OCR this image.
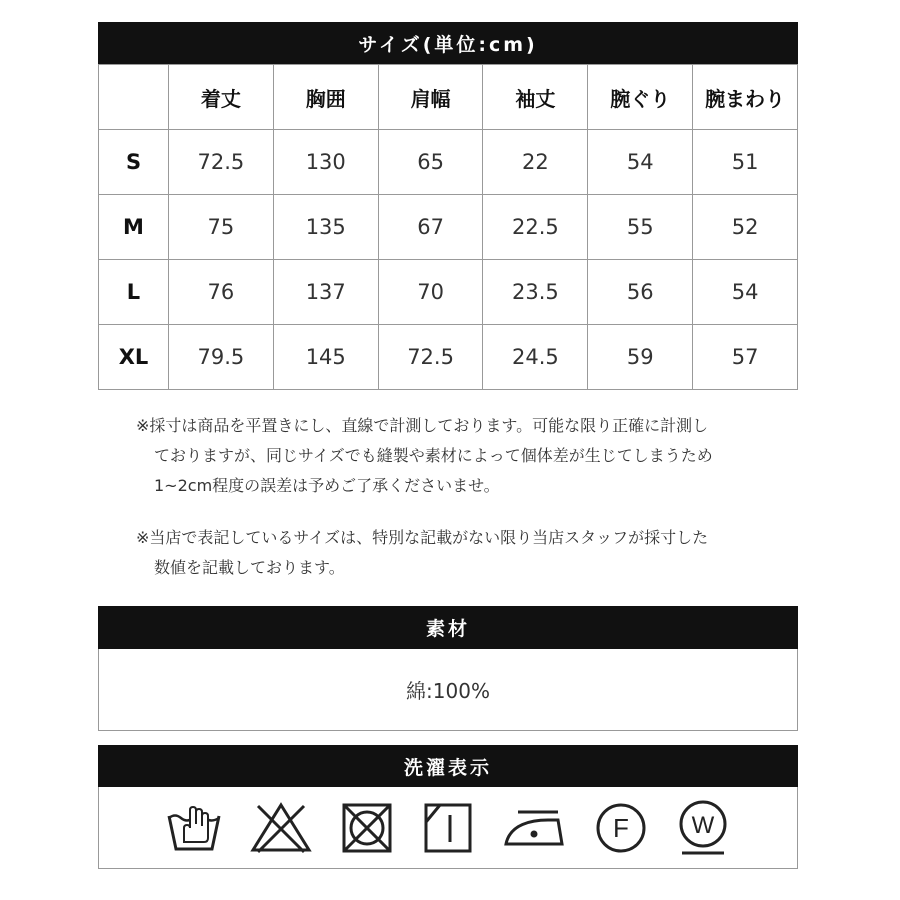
サイズ(単位:cm)
	着丈	胸囲	肩幅	袖丈	腕ぐり	腕まわり
S	72.5	130	65	22	54	51
M	75	135	67	22.5	55	52
L	76	137	70	23.5	56	54
XL	79.5	145	72.5	24.5	59	57
※採寸は商品を平置きにし、直線で計測しております。可能な限り正確に計測し
ておりますが、同じサイズでも縫製や素材によって個体差が生じてしまうため
1~2cm程度の誤差は予めご了承くださいませ。
※当店で表記しているサイズは、特別な記載がない限り当店スタッフが採寸した
数値を記載しております。
素材
綿:100%
洗濯表示
F	W
